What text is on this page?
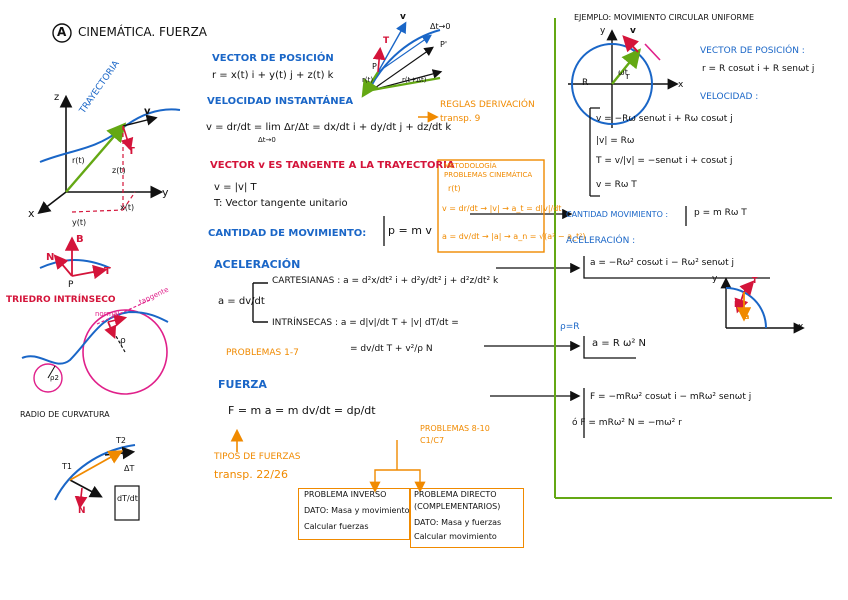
A CINEMÁTICA. FUERZA
TRAYECTORIA
z
y
x
r(t)
z(t)
x(t)
y(t)
v
T
B
N
T
P
TRIEDRO INTRÍNSECO
normal
tangente
ρ
ρ2
RADIO DE CURVATURA
T1
T2
ΔT
N
dT/dt
VECTOR DE POSICIÓN
r = x(t) i + y(t) j + z(t) k
VELOCIDAD INSTANTÁNEA
v = dr/dt = lim Δr/Δt = dx/dt i + dy/dt j + dz/dt k
Δt→0
REGLAS DERIVACIÓN
transp. 9
VECTOR v ES TANGENTE A LA TRAYECTORIA
v = |v| T
T: Vector tangente unitario
METODOLOGÍA PROBLEMAS CINEMÁTICA
r(t)
v = dr/dt → |v| → a_t = d|v|/dt
a = dv/dt → |a| → a_n = √(a² − a_t²)
CANTIDAD DE MOVIMIENTO: p = m v
ACELERACIÓN
a = dv/dt
CARTESIANAS : a = d²x/dt² i + d²y/dt² j + d²z/dt² k
INTRÍNSECAS : a = d|v|/dt T + |v| dT/dt =
= dv/dt T + v²/ρ N
PROBLEMAS 1-7
FUERZA
F = m a = m dv/dt = dp/dt
PROBLEMAS 8-10
C1/C7
TIPOS DE FUERZAS
transp. 22/26
PROBLEMA INVERSO
DATO: Masa y movimiento
Calcular fuerzas
PROBLEMA DIRECTO
(COMPLEMENTARIOS)
DATO: Masa y fuerzas
Calcular movimiento
Δt→0
P
P'
r(t)	r(t+Δt)
v
T
EJEMPLO: MOVIMIENTO CIRCULAR UNIFORME
R
ωt
x
y	v
r
VECTOR DE POSICIÓN :
r = R cosωt i + R senωt j
VELOCIDAD :
v = −Rω senωt i + Rω cosωt j
|v| = Rω
T = v/|v| = −senωt i + cosωt j
v = Rω T
CANTIDAD MOVIMIENTO :	p = m Rω T
ACELERACIÓN :
a = −Rω² cosωt i − Rω² senωt j
ρ=R
a = R ω² N
y
x
T
N
a
F = −mRω² cosωt i − mRω² senωt j
ó F = mRω² N = −mω² r
